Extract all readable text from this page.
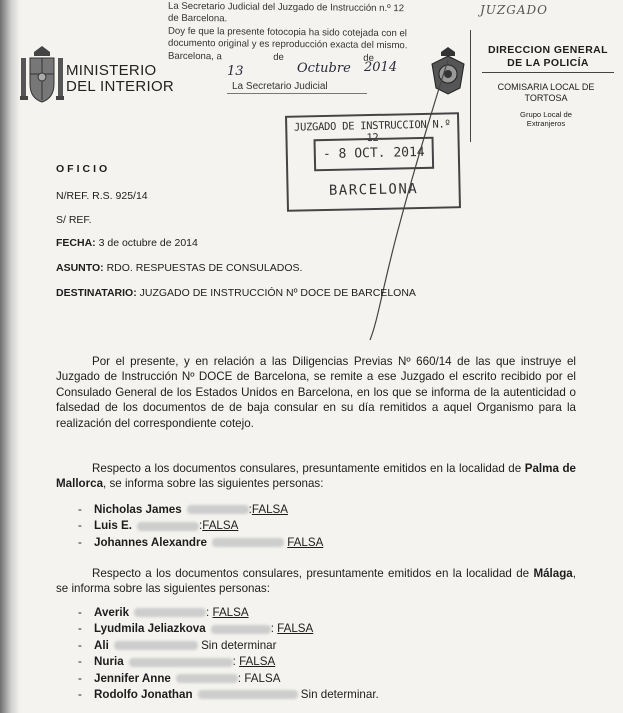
MINISTERIO
DEL INTERIOR
La Secretario Judicial del Juzgado de Instrucción n.º 12
de Barcelona.
Doy fe que la presente fotocopia ha sido cotejada con el
documento original y es reproducción exacta del mismo.
Barcelona, a	de	de
13	Octubre 2014
JUZGADO
La Secretario Judicial
DIRECCION GENERAL
DE LA POLICÍA
COMISARIA LOCAL DE
TORTOSA
Grupo Local de
Extranjeros
JUZGADO DE INSTRUCCION N.º 12
- 8 OCT. 2014
BARCELONA
OFICIO
N/REF. R.S. 925/14
S/ REF.
FECHA: 3 de octubre de 2014
ASUNTO: RDO. RESPUESTAS DE CONSULADOS.
DESTINATARIO: JUZGADO DE INSTRUCCIÓN Nº DOCE DE BARCELONA
Por el presente, y en relación a las Diligencias Previas Nº 660/14 de las que instruye el Juzgado de Instrucción Nº DOCE de Barcelona, se remite a ese Juzgado el escrito recibido por el Consulado General de los Estados Unidos en Barcelona, en los que se informa de la autenticidad o falsedad de los documentos de de baja consular en su día remitidos a aquel Organismo para la realización del correspondiente cotejo.
Respecto a los documentos consulares, presuntamente emitidos en la localidad de Palma de Mallorca, se informa sobre las siguientes personas:
- Nicholas James	:FALSA
- Luis E.	:FALSA
- Johannes Alexandre	FALSA
Respecto a los documentos consulares, presuntamente emitidos en la localidad de Málaga, se informa sobre las siguientes personas:
- Averik	: FALSA
- Lyudmila Jeliazkova	: FALSA
- Ali	Sin determinar
- Nuria	: FALSA
- Jennifer Anne	: FALSA
- Rodolfo Jonathan	Sin determinar.
